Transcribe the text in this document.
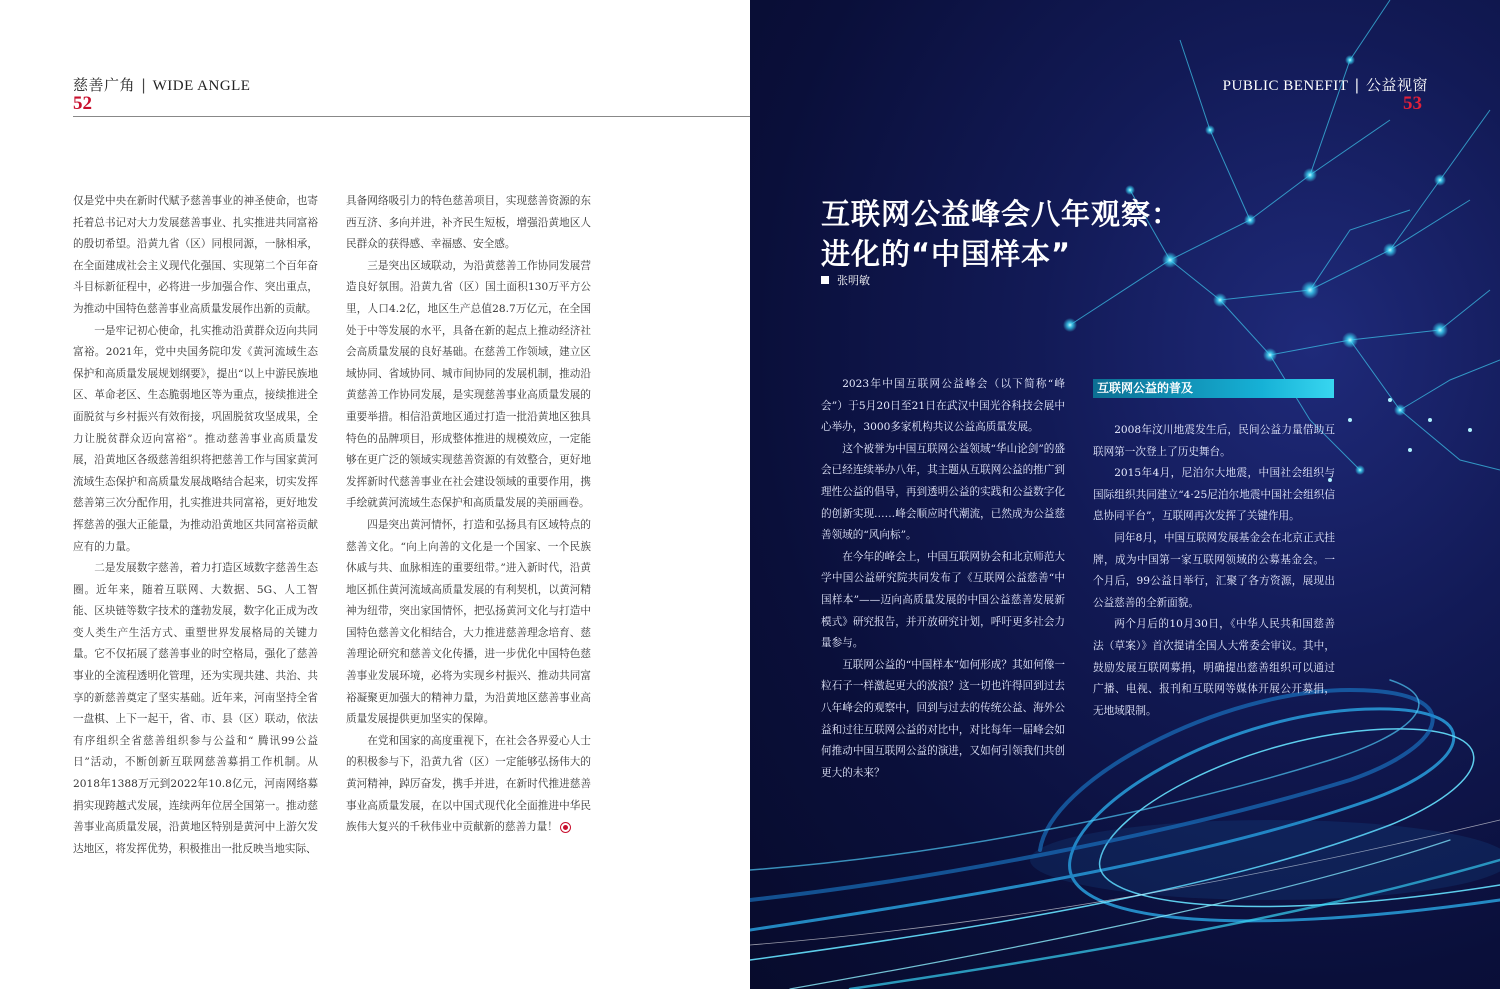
慈善广角 | WIDE ANGLE
52

仅是党中央在新时代赋予慈善事业的神圣使命，也寄托着总书记对大力发展慈善事业、扎实推进共同富裕的殷切希望。沿黄九省（区）同根同源，一脉相承，在全面建成社会主义现代化强国、实现第二个百年奋斗目标新征程中，必将进一步加强合作、突出重点，为推动中国特色慈善事业高质量发展作出新的贡献。

一是牢记初心使命，扎实推动沿黄群众迈向共同富裕。2021年，党中央国务院印发《黄河流域生态保护和高质量发展规划纲要》，提出“以上中游民族地区、革命老区、生态脆弱地区等为重点，接续推进全面脱贫与乡村振兴有效衔接，巩固脱贫攻坚成果，全力让脱贫群众迈向富裕”。推动慈善事业高质量发展，沿黄地区各级慈善组织将把慈善工作与国家黄河流域生态保护和高质量发展战略结合起来，切实发挥慈善第三次分配作用，扎实推进共同富裕，更好地发挥慈善的强大正能量，为推动沿黄地区共同富裕贡献应有的力量。

二是发展数字慈善，着力打造区域数字慈善生态圈。近年来，随着互联网、大数据、5G、人工智能、区块链等数字技术的蓬勃发展，数字化正成为改变人类生产生活方式、重塑世界发展格局的关键力量。它不仅拓展了慈善事业的时空格局，强化了慈善事业的全流程透明化管理，还为实现共建、共治、共享的新慈善奠定了坚实基础。近年来，河南坚持全省一盘棋、上下一起干，省、市、县（区）联动，依法有序组织全省慈善组织参与公益和“ 腾讯99公益日”活动，不断创新互联网慈善募捐工作机制。从2018年1388万元到2022年10.8亿元，河南网络募捐实现跨越式发展，连续两年位居全国第一。推动慈善事业高质量发展，沿黄地区特别是黄河中上游欠发达地区，将发挥优势，积极推出一批反映当地实际、

具备网络吸引力的特色慈善项目，实现慈善资源的东西互济、多向并进，补齐民生短板，增强沿黄地区人民群众的获得感、幸福感、安全感。

三是突出区域联动，为沿黄慈善工作协同发展营造良好氛围。沿黄九省（区）国土面积130万平方公里，人口4.2亿，地区生产总值28.7万亿元，在全国处于中等发展的水平，具备在新的起点上推动经济社会高质量发展的良好基础。在慈善工作领域，建立区域协同、省域协同、城市间协同的发展机制，推动沿黄慈善工作协同发展，是实现慈善事业高质量发展的重要举措。相信沿黄地区通过打造一批沿黄地区独具特色的品牌项目，形成整体推进的规模效应，一定能够在更广泛的领域实现慈善资源的有效整合，更好地发挥新时代慈善事业在社会建设领域的重要作用，携手绘就黄河流域生态保护和高质量发展的美丽画卷。

四是突出黄河情怀，打造和弘扬具有区域特点的慈善文化。“向上向善的文化是一个国家、一个民族休戚与共、血脉相连的重要纽带。”进入新时代，沿黄地区抓住黄河流域高质量发展的有利契机，以黄河精神为纽带，突出家国情怀，把弘扬黄河文化与打造中国特色慈善文化相结合，大力推进慈善理念培育、慈善理论研究和慈善文化传播，进一步优化中国特色慈善事业发展环境，必将为实现乡村振兴、推动共同富裕凝聚更加强大的精神力量，为沿黄地区慈善事业高质量发展提供更加坚实的保障。

在党和国家的高度重视下，在社会各界爱心人士的积极参与下，沿黄九省（区）一定能够弘扬伟大的黄河精神，踔厉奋发，携手并进，在新时代推进慈善事业高质量发展，在以中国式现代化全面推进中华民族伟大复兴的千秋伟业中贡献新的慈善力量！

PUBLIC BENEFIT | 公益视窗
53
互联网公益峰会八年观察：
进化的“中国样本”
张明敏

2023年中国互联网公益峰会（以下简称“峰会”）于5月20日至21日在武汉中国光谷科技会展中心举办，3000多家机构共议公益高质量发展。

这个被誉为中国互联网公益领域“华山论剑”的盛会已经连续举办八年，其主题从互联网公益的推广到理性公益的倡导，再到透明公益的实践和公益数字化的创新实现……峰会顺应时代潮流，已然成为公益慈善领域的“风向标”。

在今年的峰会上，中国互联网协会和北京师范大学中国公益研究院共同发布了《互联网公益慈善“中国样本”——迈向高质量发展的中国公益慈善发展新模式》研究报告，并开放研究计划，呼吁更多社会力量参与。

互联网公益的“中国样本”如何形成？其如何像一粒石子一样激起更大的波浪？这一切也许得回到过去八年峰会的观察中，回到与过去的传统公益、海外公益和过往互联网公益的对比中，对比每年一届峰会如何推动中国互联网公益的演进，又如何引领我们共创更大的未来？

互联网公益的普及

2008年汶川地震发生后，民间公益力量借助互联网第一次登上了历史舞台。

2015年4月，尼泊尔大地震，中国社会组织与国际组织共同建立“4·25尼泊尔地震中国社会组织信息协同平台”，互联网再次发挥了关键作用。

同年8月，中国互联网发展基金会在北京正式挂牌，成为中国第一家互联网领域的公募基金会。一个月后，99公益日举行，汇聚了各方资源，展现出公益慈善的全新面貌。

两个月后的10月30日，《中华人民共和国慈善法（草案）》首次提请全国人大常委会审议。其中，鼓励发展互联网募捐，明确提出慈善组织可以通过广播、电视、报刊和互联网等媒体开展公开募捐，无地域限制。
